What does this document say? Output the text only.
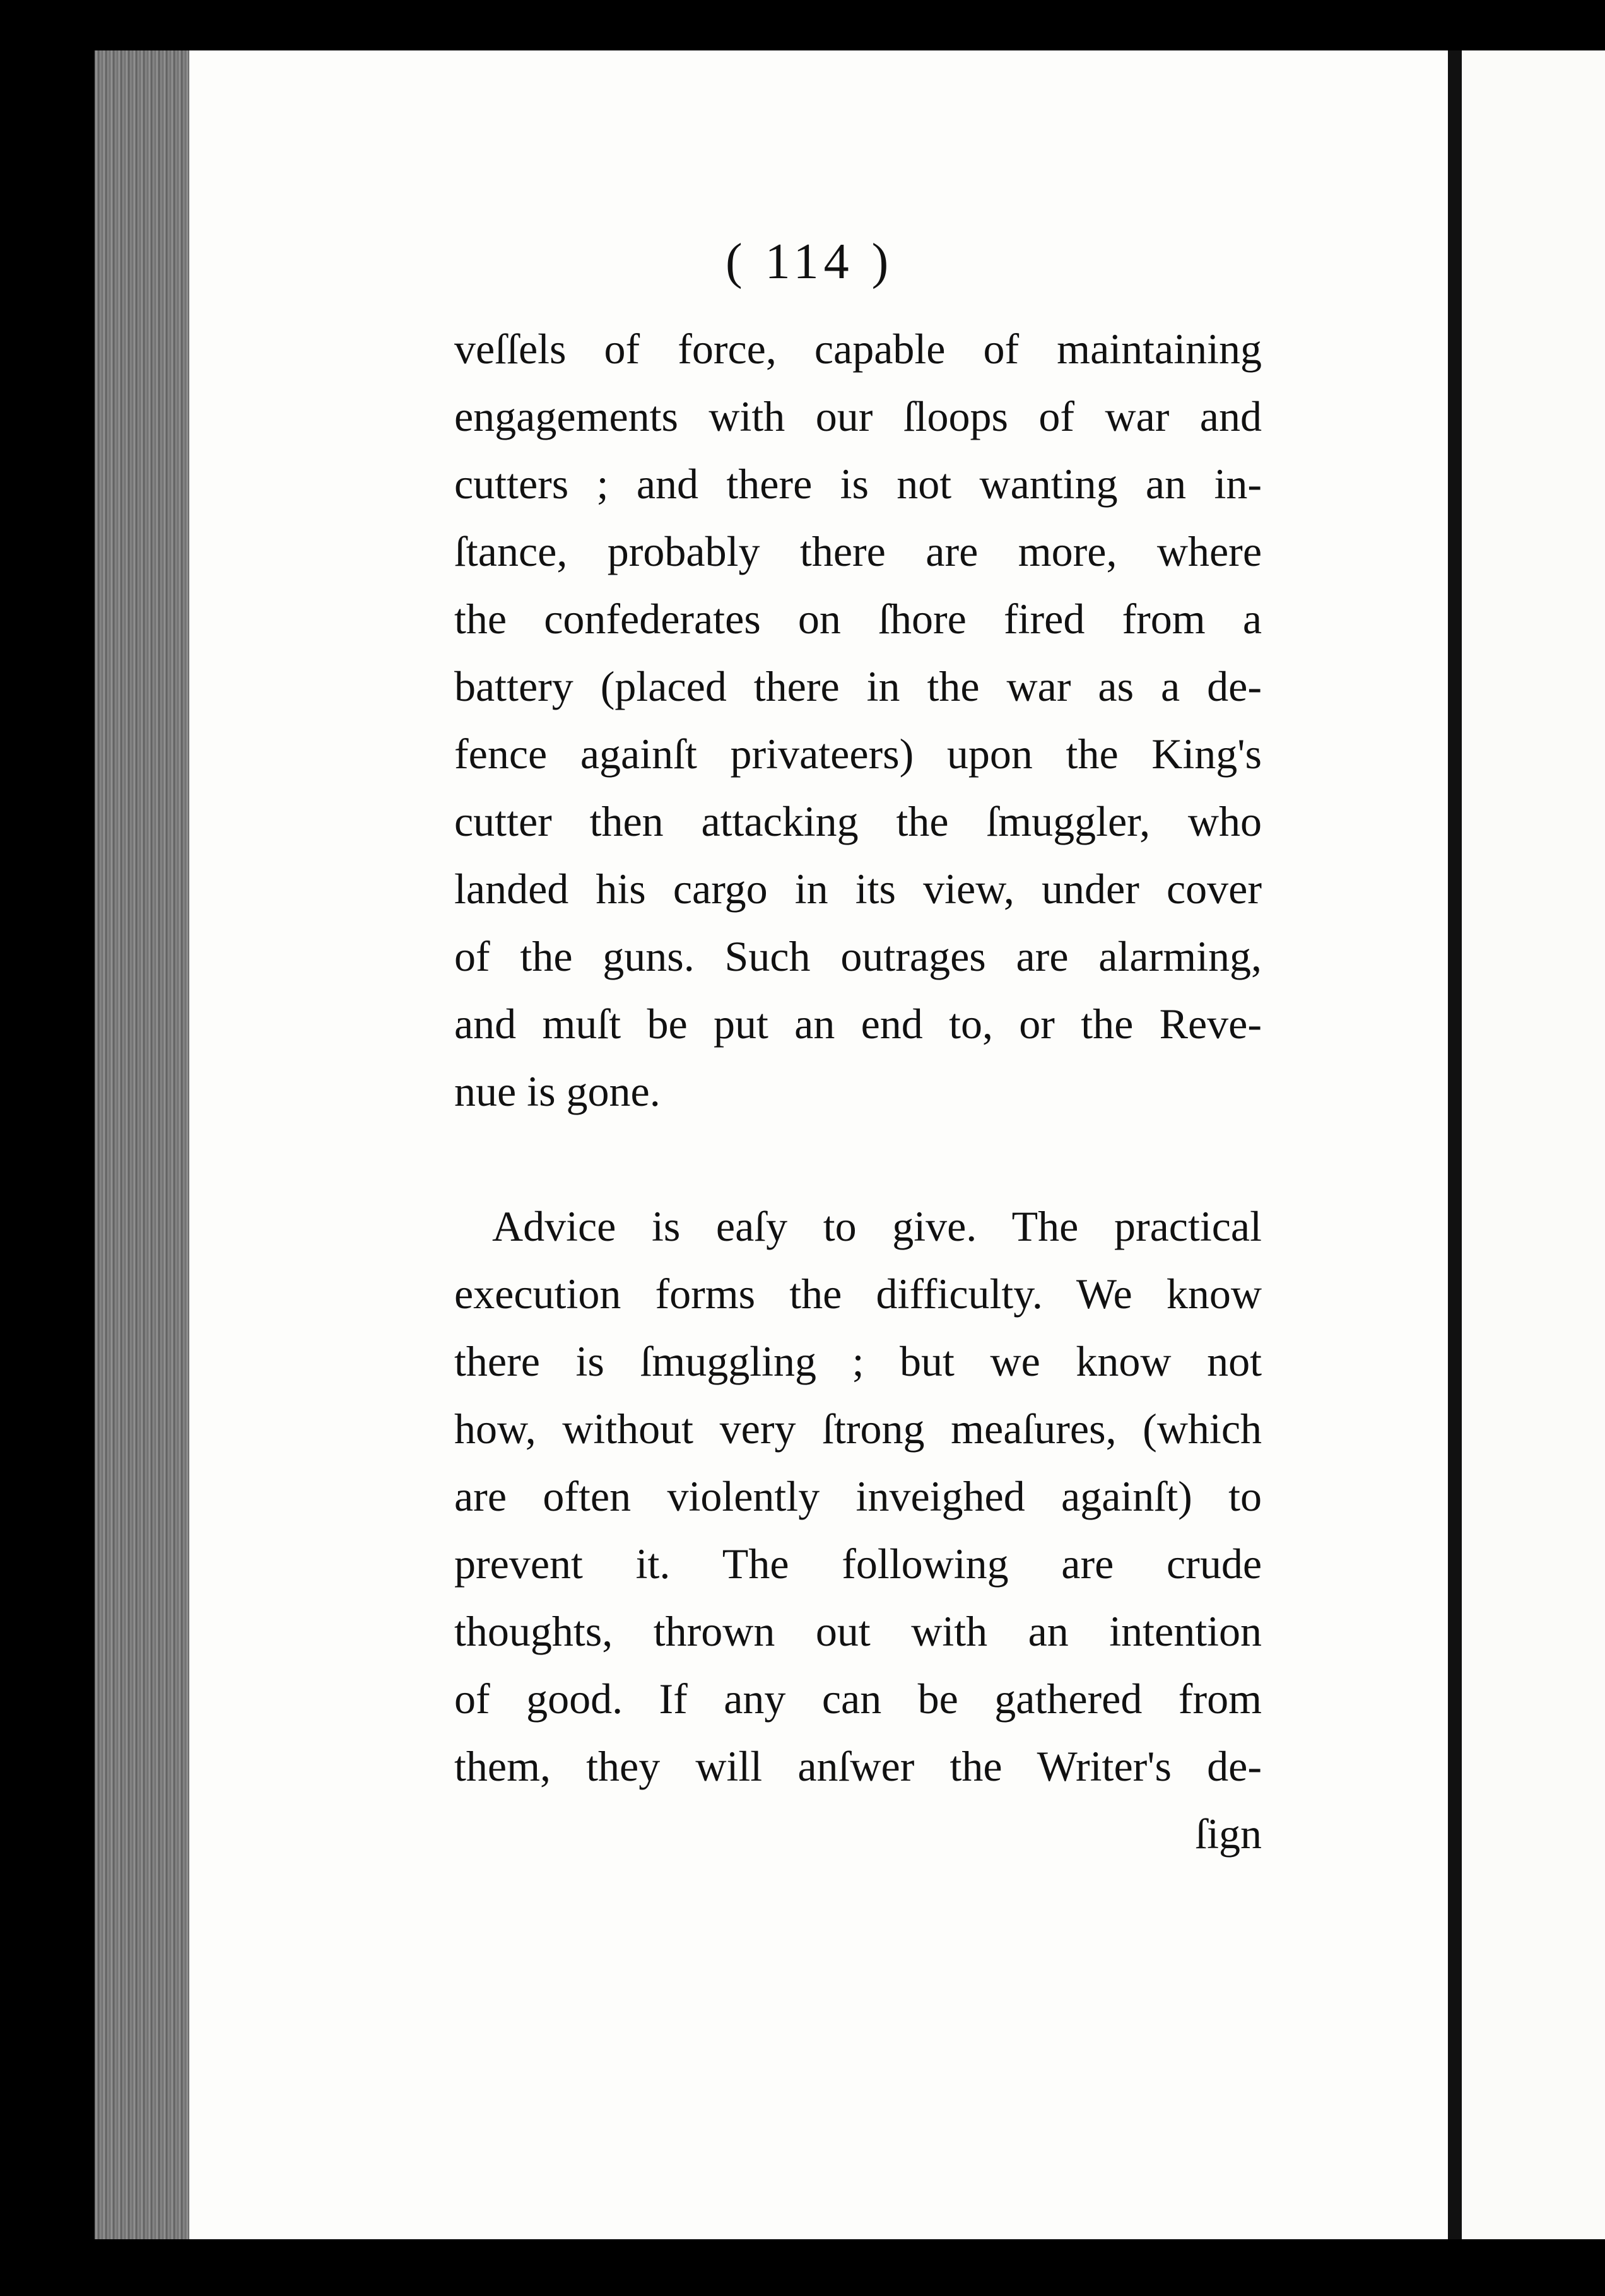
( 114 )
veſſels of force, capable of maintaining
engagements with our ſloops of war and
cutters ; and there is not wanting an in-
ſtance, probably there are more, where
the confederates on ſhore fired from a
battery (placed there in the war as a de-
fence againſt privateers) upon the King's
cutter then attacking the ſmuggler, who
landed his cargo in its view, under cover
of the guns. Such outrages are alarming,
and muſt be put an end to, or the Reve-
nue is gone.
Advice is eaſy to give. The practical
execution forms the difficulty. We know
there is ſmuggling ; but we know not
how, without very ſtrong meaſures, (which
are often violently inveighed againſt) to
prevent it. The following are crude
thoughts, thrown out with an intention
of good. If any can be gathered from
them, they will anſwer the Writer's de-
ſign
